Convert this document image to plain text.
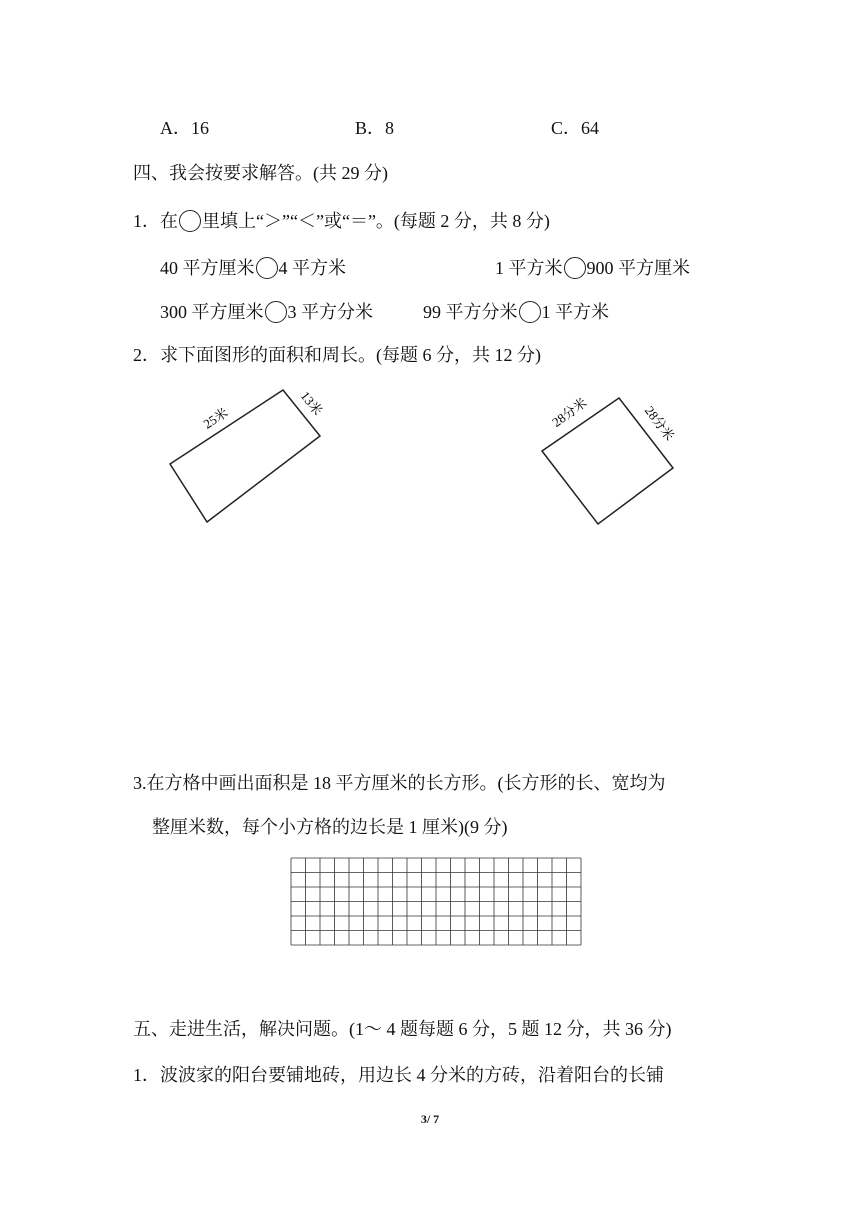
A．16	B．8	C．64
四、我会按要求解答。(共 29 分)
1．在 里填上“＞”“＜”或“＝”。(每题 2 分，共 8 分)
40 平方厘米 4 平方米	1 平方米 900 平方厘米
300 平方厘米 3 平方分米	99 平方分米 1 平方米
2．求下面图形的面积和周长。(每题 6 分，共 12 分)
25米
13米	28分米	28分米
3.在方格中画出面积是 18 平方厘米的长方形。(长方形的长、宽均为
整厘米数，每个小方格的边长是 1 厘米)(9 分)
五、走进生活，解决问题。(1～ 4 题每题 6 分，5 题 12 分，共 36 分)
1．波波家的阳台要铺地砖，用边长 4 分米的方砖，沿着阳台的长铺
3/ 7
